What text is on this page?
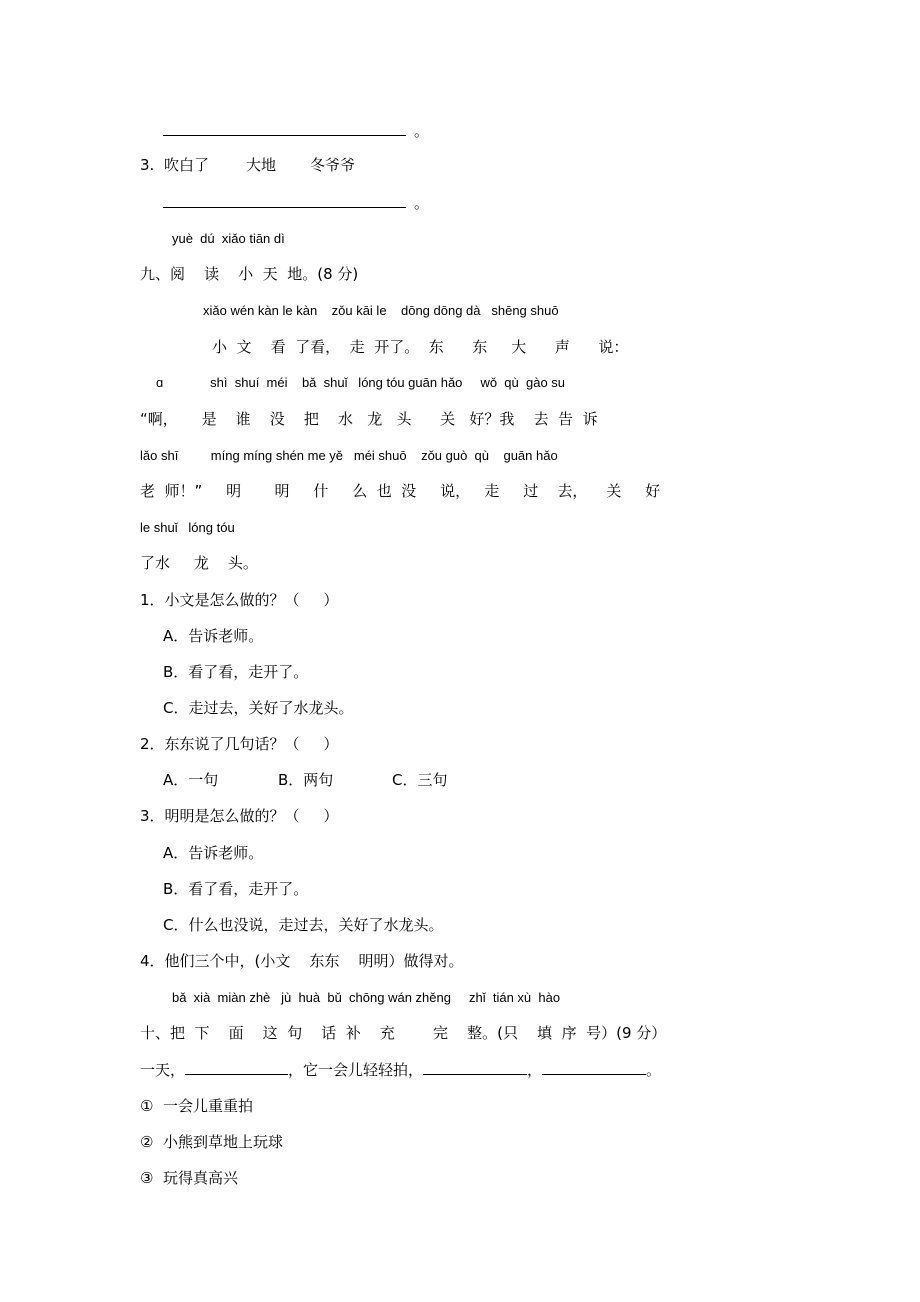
。
3. 吹白了 大地 冬爷爷
。
yuè  dú  xiǎo tiān dì
九、阅    读    小  天  地。(8 分)
xiǎo wén kàn le kàn    zǒu kāi le    dōng dōng dà   shēng shuō
小  文    看  了看，  走  开了。  东      东     大      声      说：
ɑ             shì  shuí  méi    bǎ  shuǐ   lóng tóu guān hǎo     wǒ  qù  gào su
“啊，     是    谁    没    把    水   龙   头      关   好？我    去  告  诉
lǎo shī         míng míng shén me yě   méi shuō    zǒu guò  qù    guān hǎo
老  师！”     明       明     什     么  也  没     说，   走     过    去，    关     好
le shuǐ   lóng tóu
了水     龙    头。
1．小文是怎么做的？（     ）
A．告诉老师。
B．看了看，走开了。
C．走过去，关好了水龙头。
2．东东说了几句话？（     ）
A．一句	B．两句	C．三句
3．明明是怎么做的？（     ）
A．告诉老师。
B．看了看，走开了。
C．什么也没说，走过去，关好了水龙头。
4．他们三个中，(小文    东东    明明）做得对。
bǎ  xià  miàn zhè   jù  huà  bǔ  chōng wán zhěng     zhǐ  tián xù  hào
十、把  下    面    这  句    话  补    充        完    整。(只    填  序  号）(9 分）
一天，	，它一会儿轻轻拍，	，	。
①  一会儿重重拍
②  小熊到草地上玩球
③  玩得真高兴
